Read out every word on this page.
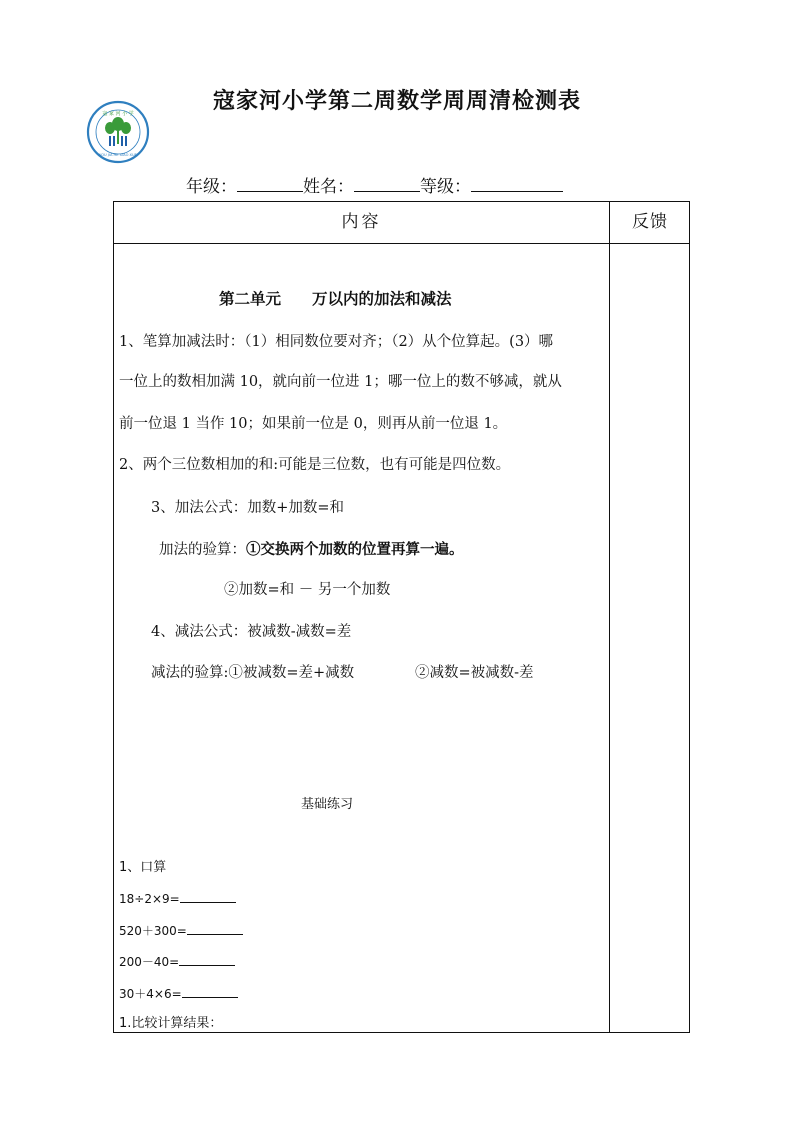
寇 家 河 小 学
KOU JIA HE XIAO XUE
寇家河小学第二周数学周周清检测表
年级：	姓名：	等级：
内容	反馈
第二单元　　万以内的加法和减法
1、笔算加减法时：（1）相同数位要对齐；（2）从个位算起。(3）哪
一位上的数相加满 10，就向前一位进 1；哪一位上的数不够减，就从
前一位退 1 当作 10；如果前一位是 0，则再从前一位退 1。
2、两个三位数相加的和:可能是三位数，也有可能是四位数。
3、加法公式：加数+加数=和
加法的验算：①交换两个加数的位置再算一遍。
②加数=和 － 另一个加数
4、减法公式：被减数-减数=差
减法的验算:①被减数=差+减数	②减数=被减数-差
基础练习
1、口算
18÷2×9=
520＋300=
200－40=
30＋4×6=
1.比较计算结果：
